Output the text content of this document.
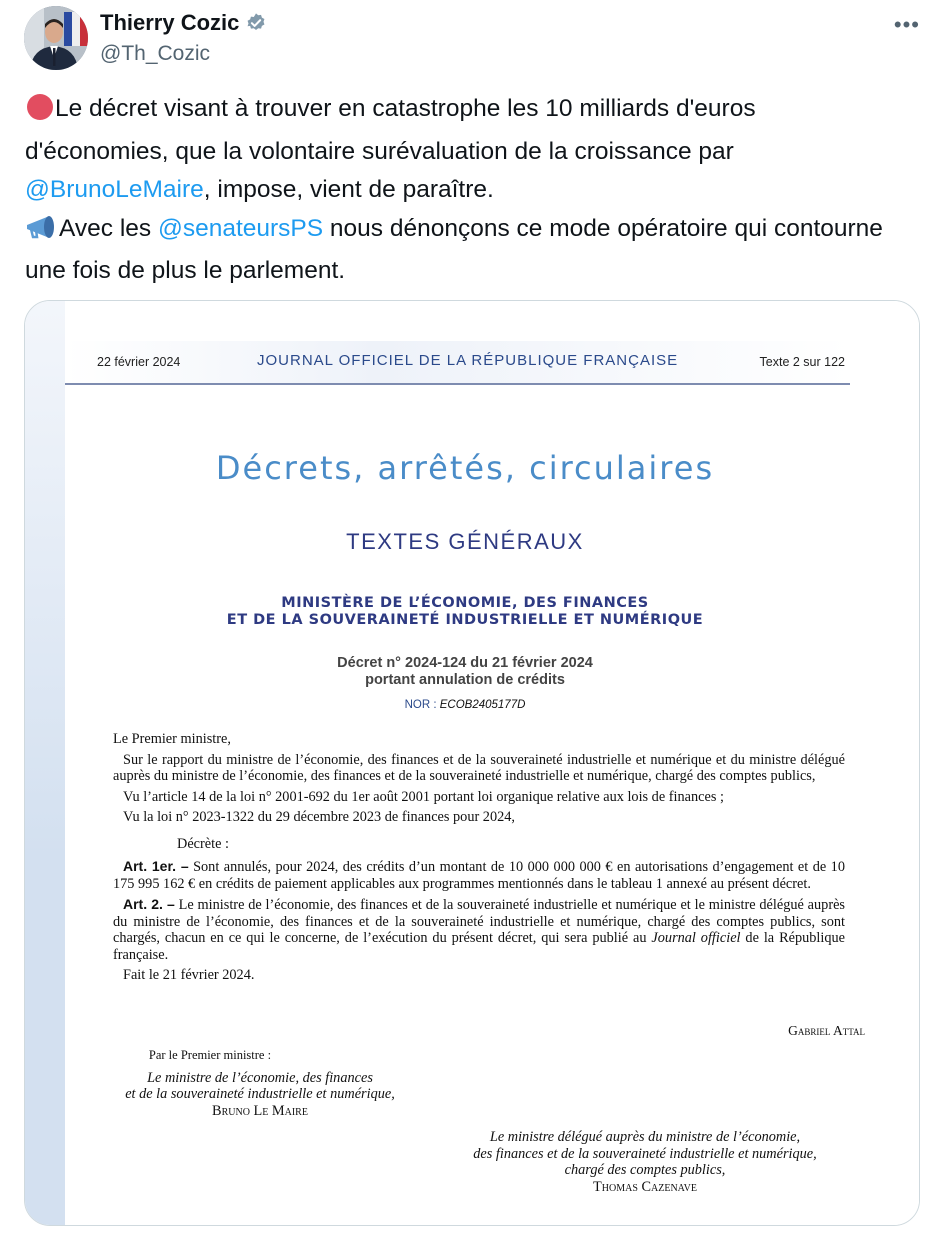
Thierry Cozic
@Th_Cozic
•••
Le décret visant à trouver en catastrophe les 10 milliards d'euros d'économies, que la volontaire surévaluation de la croissance par @BrunoLeMaire, impose, vient de paraître.
Avec les @senateursPS nous dénonçons ce mode opératoire qui contourne une fois de plus le parlement.
22 février 2024	JOURNAL OFFICIEL DE LA RÉPUBLIQUE FRANÇAISE	Texte 2 sur 122
Décrets, arrêtés, circulaires
TEXTES GÉNÉRAUX
MINISTÈRE DE L’ÉCONOMIE, DES FINANCES
ET DE LA SOUVERAINETÉ INDUSTRIELLE ET NUMÉRIQUE
Décret n° 2024-124 du 21 février 2024
portant annulation de crédits
NOR : ECOB2405177D

Le Premier ministre,

Sur le rapport du ministre de l’économie, des finances et de la souveraineté industrielle et numérique et du ministre délégué auprès du ministre de l’économie, des finances et de la souveraineté industrielle et numérique, chargé des comptes publics,

Vu l’article 14 de la loi n° 2001-692 du 1er août 2001 portant loi organique relative aux lois de finances ;

Vu la loi n° 2023-1322 du 29 décembre 2023 de finances pour 2024,

Décrète :

Art. 1er. – Sont annulés, pour 2024, des crédits d’un montant de 10 000 000 000 € en autorisations d’engagement et de 10 175 995 162 € en crédits de paiement applicables aux programmes mentionnés dans le tableau 1 annexé au présent décret.

Art. 2. – Le ministre de l’économie, des finances et de la souveraineté industrielle et numérique et le ministre délégué auprès du ministre de l’économie, des finances et de la souveraineté industrielle et numérique, chargé des comptes publics, sont chargés, chacun en ce qui le concerne, de l’exécution du présent décret, qui sera publié au Journal officiel de la République française.

Fait le 21 février 2024.

Gabriel Attal
Par le Premier ministre :
Le ministre de l’économie, des finances
et de la souveraineté industrielle et numérique,
Bruno Le Maire
Le ministre délégué auprès du ministre de l’économie,
des finances et de la souveraineté industrielle et numérique,
chargé des comptes publics,
Thomas Cazenave
